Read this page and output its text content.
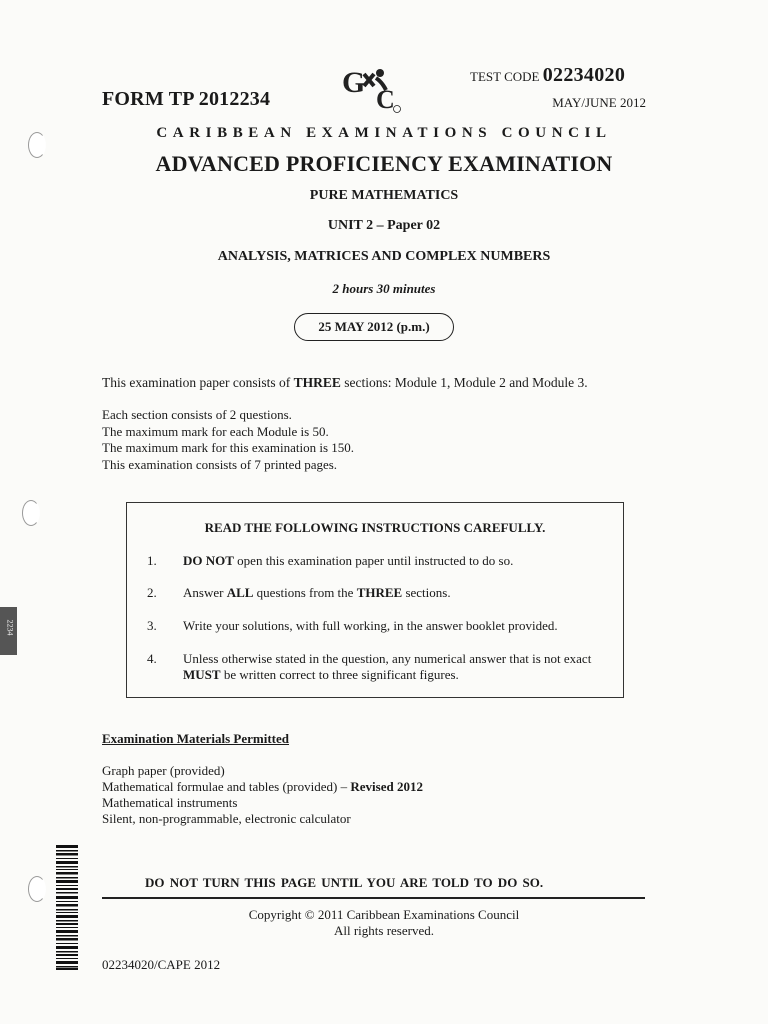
2234
FORM TP 2012234 G
C
TEST CODE 02234020
MAY/JUNE 2012
CARIBBEAN EXAMINATIONS COUNCIL
ADVANCED PROFICIENCY EXAMINATION
PURE MATHEMATICS
UNIT 2 – Paper 02
ANALYSIS, MATRICES AND COMPLEX NUMBERS
2 hours 30 minutes
25 MAY 2012 (p.m.)
This examination paper consists of THREE sections: Module 1, Module 2 and Module 3.
Each section consists of 2 questions.
The maximum mark for each Module is 50.
The maximum mark for this examination is 150.
This examination consists of 7 printed pages.
READ THE FOLLOWING INSTRUCTIONS CAREFULLY.
1. DO NOT open this examination paper until instructed to do so.
2. Answer ALL questions from the THREE sections.
3. Write your solutions, with full working, in the answer booklet provided.
4. Unless otherwise stated in the question, any numerical answer that is not exact MUST be written correct to three significant figures.
Examination Materials Permitted
Graph paper (provided)
Mathematical formulae and tables (provided) – Revised 2012
Mathematical instruments
Silent, non-programmable, electronic calculator
DO NOT TURN THIS PAGE UNTIL YOU ARE TOLD TO DO SO.
Copyright © 2011 Caribbean Examinations Council
All rights reserved.
02234020/CAPE 2012
